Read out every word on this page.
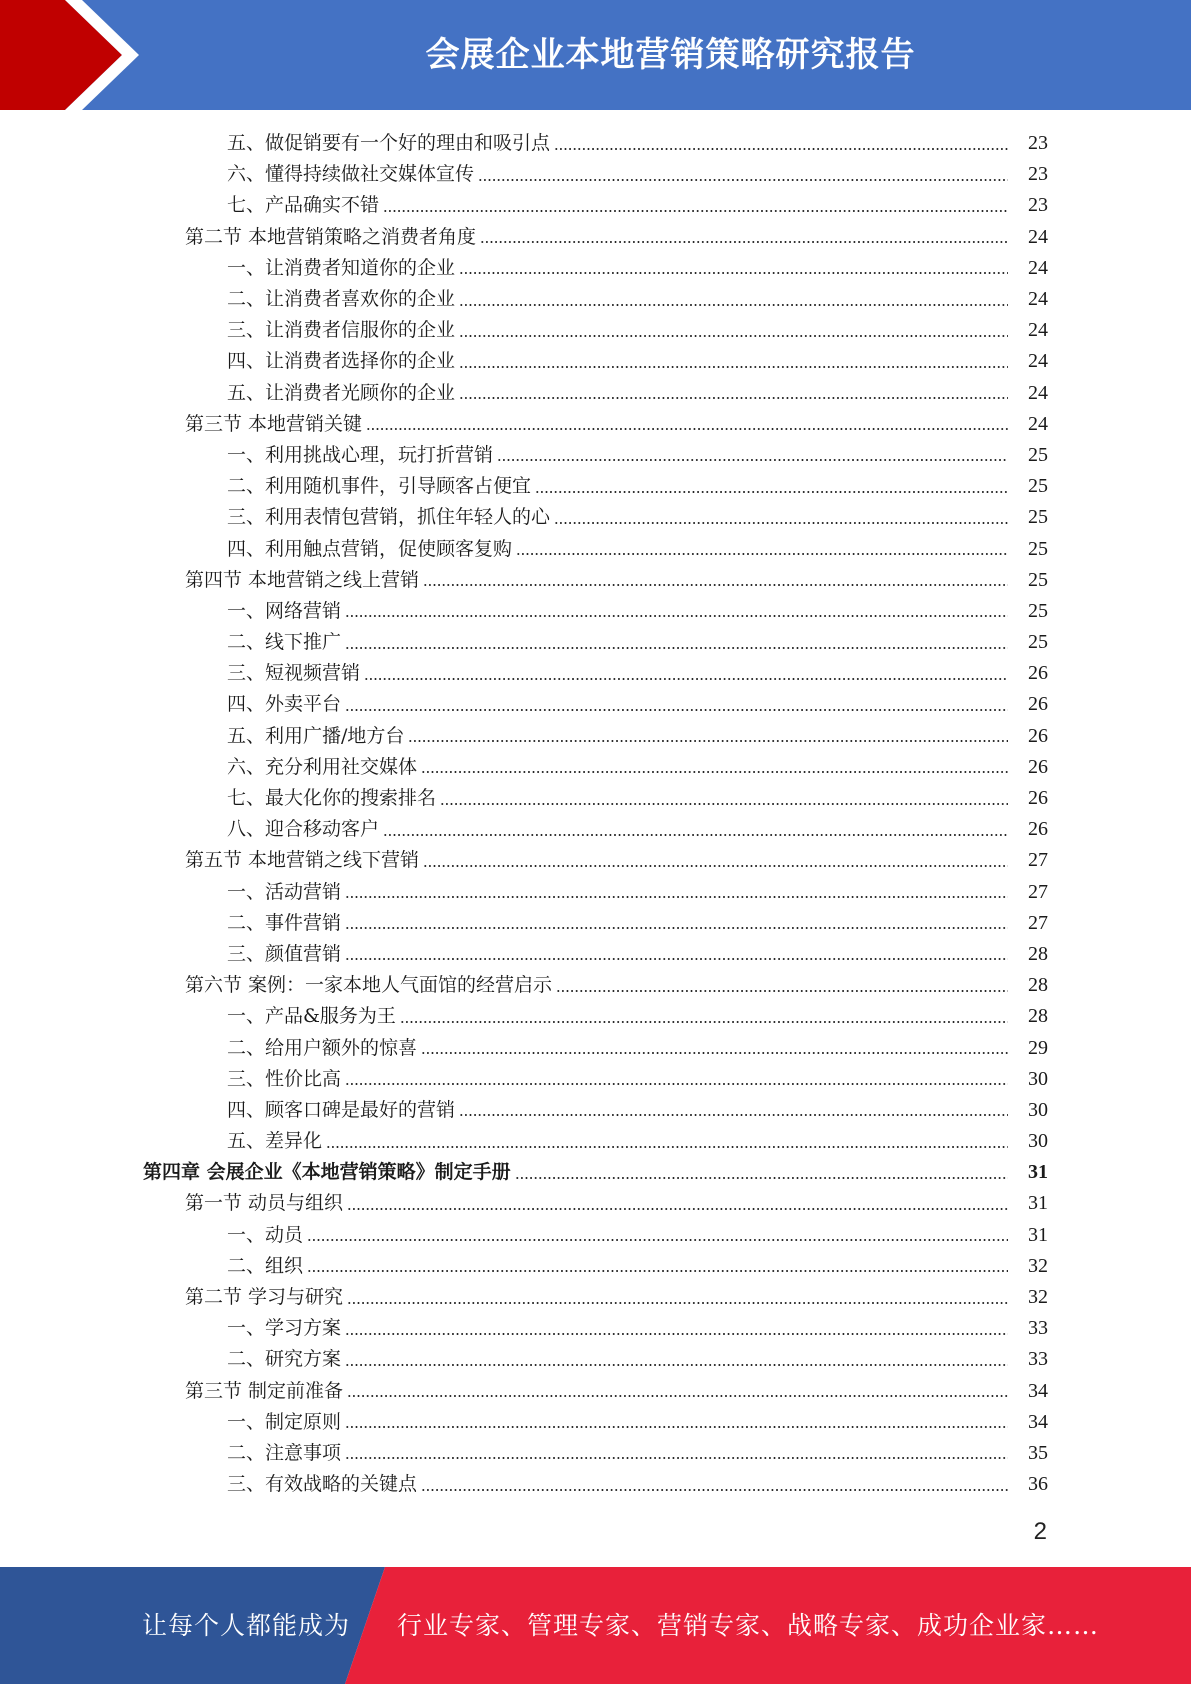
会展企业本地营销策略研究报告
五、做促销要有一个好的理由和吸引点	23
六、懂得持续做社交媒体宣传	23
七、产品确实不错	23
第二节 本地营销策略之消费者角度	24
一、让消费者知道你的企业	24
二、让消费者喜欢你的企业	24
三、让消费者信服你的企业	24
四、让消费者选择你的企业	24
五、让消费者光顾你的企业	24
第三节 本地营销关键	24
一、利用挑战心理，玩打折营销	25
二、利用随机事件，引导顾客占便宜	25
三、利用表情包营销，抓住年轻人的心	25
四、利用触点营销，促使顾客复购	25
第四节 本地营销之线上营销	25
一、网络营销	25
二、线下推广	25
三、短视频营销	26
四、外卖平台	26
五、利用广播/地方台	26
六、充分利用社交媒体	26
七、最大化你的搜索排名	26
八、迎合移动客户	26
第五节 本地营销之线下营销	27
一、活动营销	27
二、事件营销	27
三、颜值营销	28
第六节 案例：一家本地人气面馆的经营启示	28
一、产品&服务为王	28
二、给用户额外的惊喜	29
三、性价比高	30
四、顾客口碑是最好的营销	30
五、差异化	30
第四章 会展企业《本地营销策略》制定手册	31
第一节 动员与组织	31
一、动员	31
二、组织	32
第二节 学习与研究	32
一、学习方案	33
二、研究方案	33
第三节 制定前准备	34
一、制定原则	34
二、注意事项	35
三、有效战略的关键点	36
2
让每个人都能成为 行业专家、管理专家、营销专家、战略专家、成功企业家……
